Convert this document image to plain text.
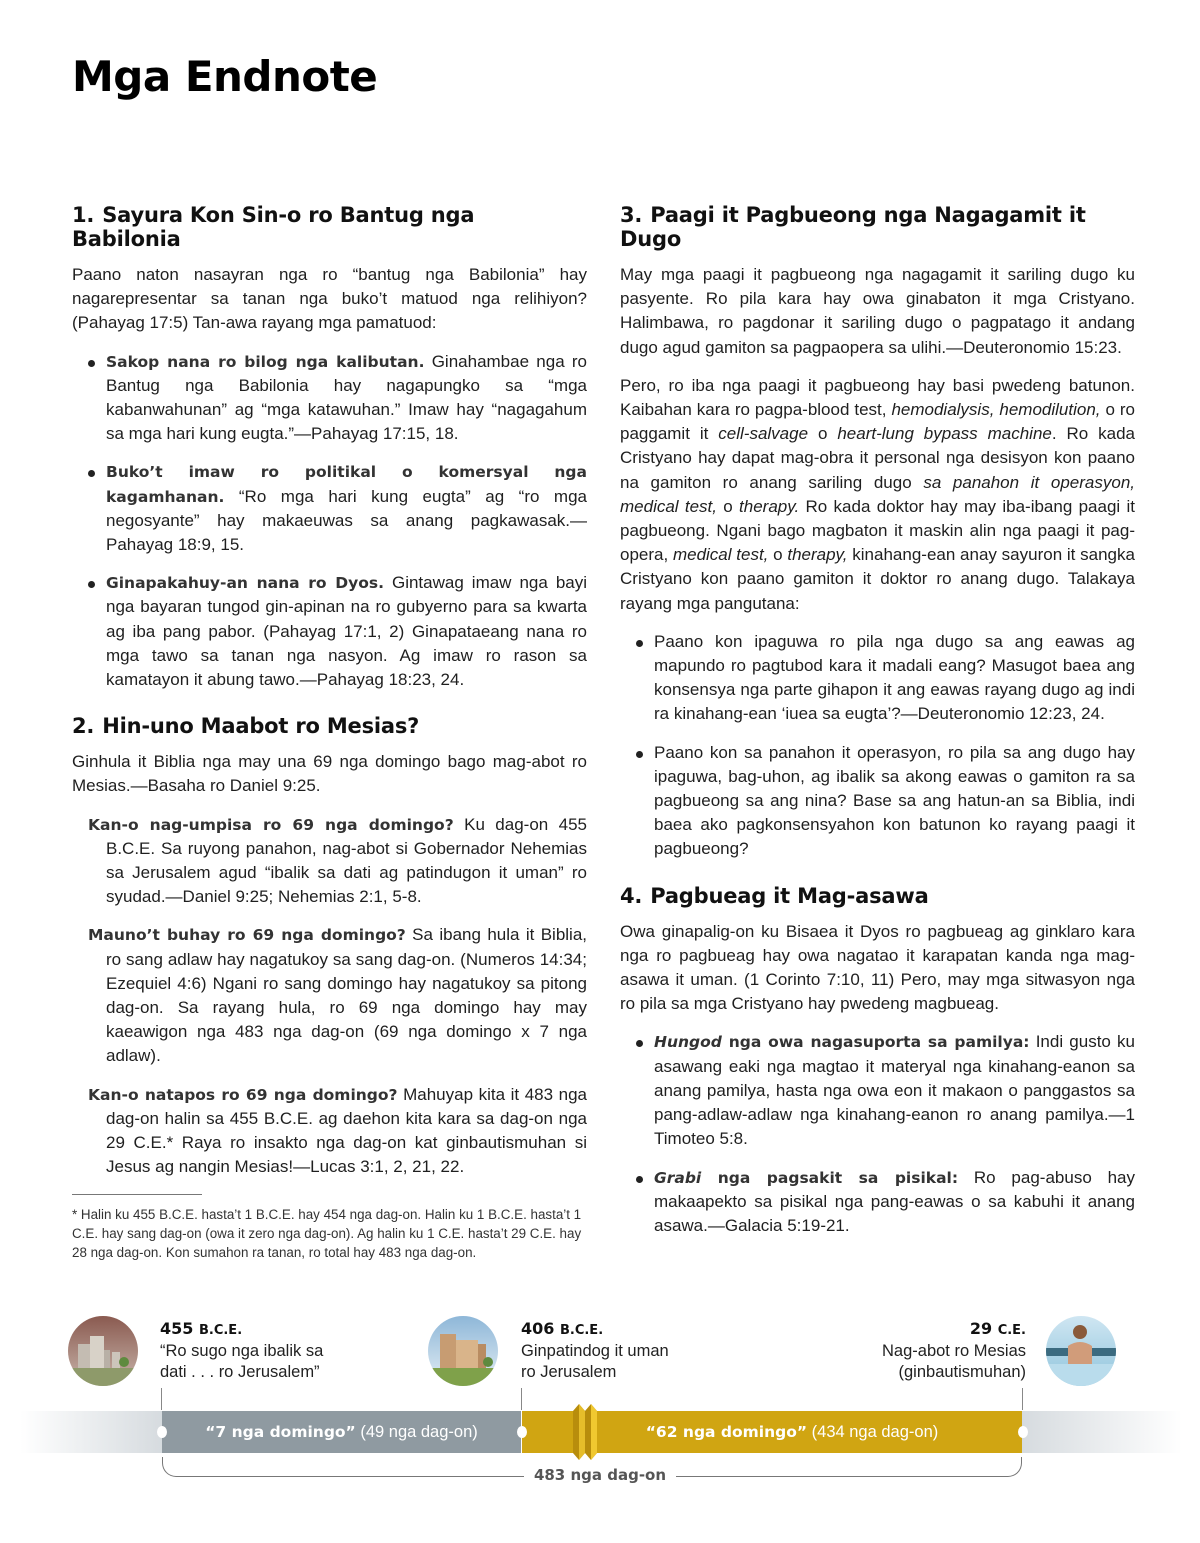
Mga Endnote
1. Sayura Kon Sin-o ro Bantug nga Babilonia

Paano naton nasayran nga ro “bantug nga Babilonia” hay nagarepresentar sa tanan nga buko’t matuod nga relihiyon? (Pahayag 17:5) Tan-awa rayang mga pamatuod:

Sakop nana ro bilog nga kalibutan. Ginahambae nga ro Bantug nga Babilonia hay nagapungko sa “mga kabanwahunan” ag “mga katawuhan.” Imaw hay “nagagahum sa mga hari kung eugta.”—Pahayag 17:15, 18.
Buko’t imaw ro politikal o komersyal nga kagamhanan. “Ro mga hari kung eugta” ag “ro mga negosyante” hay makaeuwas sa anang pagkawasak.—Pahayag 18:9, 15.
Ginapakahuy-an nana ro Dyos. Gintawag imaw nga bayi nga bayaran tungod gin-apinan na ro gubyerno para sa kwarta ag iba pang pabor. (Pahayag 17:1, 2) Ginapataeang nana ro mga tawo sa tanan nga nasyon. Ag imaw ro rason sa kamatayon it abung tawo.—Pahayag 18:23, 24.
2. Hin-uno Maabot ro Mesias?

Ginhula it Biblia nga may una 69 nga domingo bago mag-abot ro Mesias.—Basaha ro Daniel 9:25.

Kan-o nag-umpisa ro 69 nga domingo? Ku dag-on 455 B.C.E. Sa ruyong panahon, nag-abot si Gobernador Nehemias sa Jerusalem agud “ibalik sa dati ag patindugon it uman” ro syudad.—Daniel 9:25; Nehemias 2:1, 5-8.
Mauno’t buhay ro 69 nga domingo? Sa ibang hula it Biblia, ro sang adlaw hay nagatukoy sa sang dag-on. (Numeros 14:34; Ezequiel 4:6) Ngani ro sang domingo hay nagatukoy sa pitong dag-on. Sa rayang hula, ro 69 nga domingo hay may kaeawigon nga 483 nga dag-on (69 nga domingo x 7 nga adlaw).
Kan-o natapos ro 69 nga domingo? Mahuyap kita it 483 nga dag-on halin sa 455 B.C.E. ag daehon kita kara sa dag-on nga 29 C.E.* Raya ro insakto nga dag-on kat ginbautismuhan si Jesus ag nangin Mesias!—Lucas 3:1, 2, 21, 22.
* Halin ku 455 B.C.E. hasta’t 1 B.C.E. hay 454 nga dag-on. Halin ku 1 B.C.E. hasta’t 1 C.E. hay sang dag-on (owa it zero nga dag-on). Ag halin ku 1 C.E. hasta’t 29 C.E. hay 28 nga dag-on. Kon sumahon ra tanan, ro total hay 483 nga dag-on.
3. Paagi it Pagbueong nga Nagagamit it Dugo

May mga paagi it pagbueong nga nagagamit it sariling dugo ku pasyente. Ro pila kara hay owa ginabaton it mga Cristyano. Halimbawa, ro pagdonar it sariling dugo o pagpatago it andang dugo agud gamiton sa pagpaopera sa ulihi.—Deuteronomio 15:23.

Pero, ro iba nga paagi it pagbueong hay basi pwedeng batunon. Kaibahan kara ro pagpa-blood test, hemodialysis, hemodilution, o ro paggamit it cell-salvage o heart-lung bypass machine. Ro kada Cristyano hay dapat mag-obra it personal nga desisyon kon paano na gamiton ro anang sariling dugo sa panahon it operasyon, medical test, o therapy. Ro kada doktor hay may iba-ibang paagi it pagbueong. Ngani bago magbaton it maskin alin nga paagi it pag-opera, medical test, o therapy, kinahang-ean anay sayuron it sangka Cristyano kon paano gamiton it doktor ro anang dugo. Talakaya rayang mga pangutana:

Paano kon ipaguwa ro pila nga dugo sa ang eawas ag mapundo ro pagtubod kara it madali eang? Masugot baea ang konsensya nga parte gihapon it ang eawas rayang dugo ag indi ra kinahang-ean ‘iuea sa eugta’?—Deuteronomio 12:23, 24.
Paano kon sa panahon it operasyon, ro pila sa ang dugo hay ipaguwa, bag-uhon, ag ibalik sa akong eawas o gamiton ra sa pagbueong sa ang nina? Base sa ang hatun-an sa Biblia, indi baea ako pagkonsensyahon kon batunon ko rayang paagi it pagbueong?
4. Pagbueag it Mag-asawa

Owa ginapalig-on ku Bisaea it Dyos ro pagbueag ag ginklaro kara nga ro pagbueag hay owa nagatao it karapatan kanda nga mag-asawa it uman. (1 Corinto 7:10, 11) Pero, may mga sitwasyon nga ro pila sa mga Cristyano hay pwedeng magbueag.

Hungod nga owa nagasuporta sa pamilya: Indi gusto ku asawang eaki nga magtao it materyal nga kinahang-eanon sa anang pamilya, hasta nga owa eon it makaon o panggastos sa pang-adlaw-adlaw nga kinahang-eanon ro anang pamilya.—1 Timoteo 5:8.
Grabi nga pagsakit sa pisikal: Ro pag-abuso hay makaapekto sa pisikal nga pang-eawas o sa kabuhi it anang asawa.—Galacia 5:19-21.
455 B.C.E.
“Ro sugo nga ibalik sa
dati . . . ro Jerusalem”
406 B.C.E.
Ginpatindog it uman
ro Jerusalem
29 C.E.
Nag-abot ro Mesias
(ginbautismuhan)
“7 nga domingo” (49 nga dag-on)	“62 nga domingo” (434 nga dag-on)
483 nga dag-on
